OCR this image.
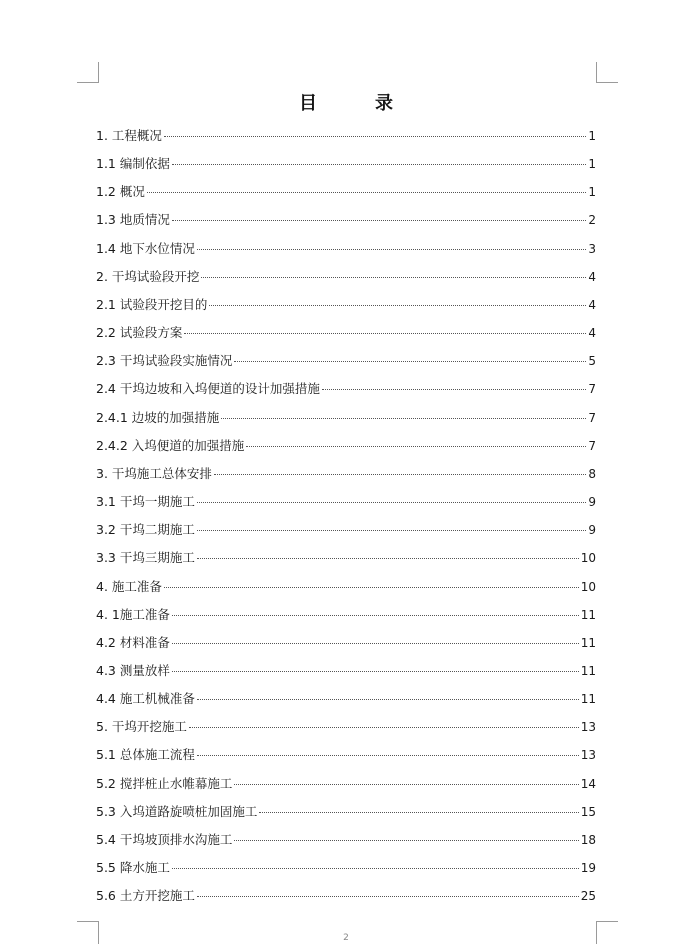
目　录
1. 工程概况	1
1.1 编制依据	1
1.2 概况	1
1.3 地质情况	2
1.4 地下水位情况	3
2. 干坞试验段开挖	4
2.1 试验段开挖目的	4
2.2 试验段方案	4
2.3 干坞试验段实施情况	5
2.4 干坞边坡和入坞便道的设计加强措施	7
2.4.1 边坡的加强措施	7
2.4.2 入坞便道的加强措施	7
3. 干坞施工总体安排	8
3.1 干坞一期施工	9
3.2 干坞二期施工	9
3.3 干坞三期施工	10
4. 施工准备	10
4. 1施工准备	11
4.2 材料准备	11
4.3 测量放样	11
4.4 施工机械准备	11
5. 干坞开挖施工	13
5.1 总体施工流程	13
5.2 搅拌桩止水帷幕施工	14
5.3 入坞道路旋喷桩加固施工	15
5.4 干坞坡顶排水沟施工	18
5.5 降水施工	19
5.6 土方开挖施工	25
2
